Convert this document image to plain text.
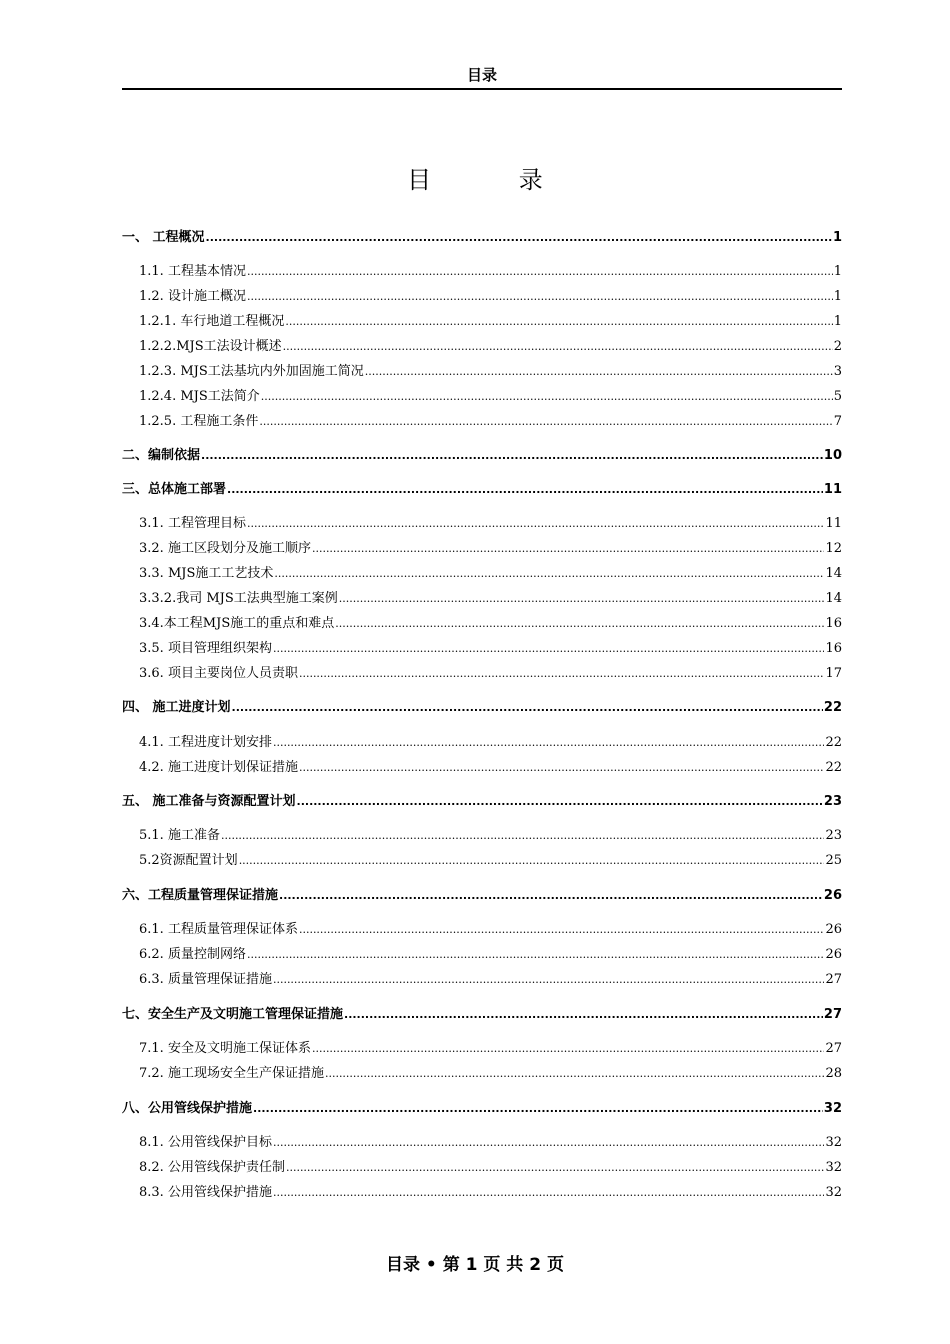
目录
目 录
一、 工程概况 .....	1
1.1. 工程基本情况 .....	1
1.2. 设计施工概况 .....	1
1.2.1. 车行地道工程概况 .....	1
1.2.2.MJS工法设计概述 .....	2
1.2.3. MJS工法基坑内外加固施工简况 .....	3
1.2.4. MJS工法简介 .....	5
1.2.5. 工程施工条件 .....	7
二、编制依据 .....	10
三、总体施工部署 .....	11
3.1. 工程管理目标 .....	11
3.2. 施工区段划分及施工顺序 .....	12
3.3. MJS施工工艺技术 .....	14
3.3.2.我司 MJS工法典型施工案例 .....	14
3.4.本工程MJS施工的重点和难点 .....	16
3.5. 项目管理组织架构 .....	16
3.6. 项目主要岗位人员责职 .....	17
四、 施工进度计划 .....	22
4.1. 工程进度计划安排 .....	22
4.2. 施工进度计划保证措施 .....	22
五、 施工准备与资源配置计划 .....	23
5.1. 施工准备 .....	23
5.2资源配置计划 .....	25
六、工程质量管理保证措施 .....	26
6.1. 工程质量管理保证体系 .....	26
6.2. 质量控制网络 .....	26
6.3. 质量管理保证措施 .....	27
七、安全生产及文明施工管理保证措施 .....	27
7.1. 安全及文明施工保证体系 .....	27
7.2. 施工现场安全生产保证措施 .....	28
八、公用管线保护措施 .....	32
8.1. 公用管线保护目标 .....	32
8.2. 公用管线保护责任制 .....	32
8.3. 公用管线保护措施 .....	32
目录 • 第 1 页 共 2 页
